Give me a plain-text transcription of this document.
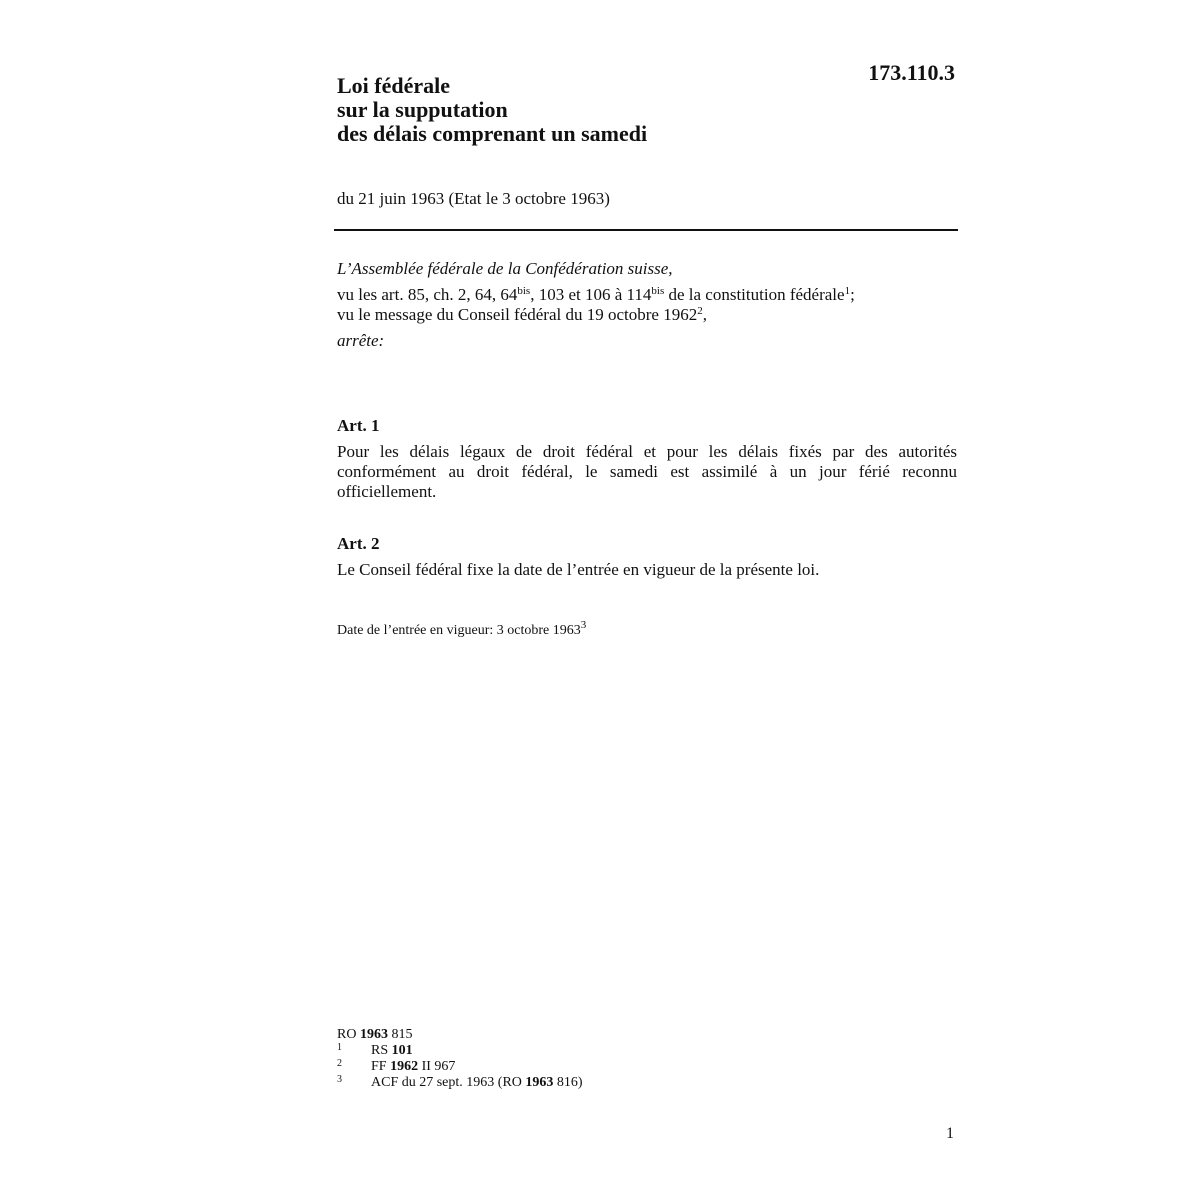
173.110.3
Loi fédérale
sur la supputation
des délais comprenant un samedi
du 21 juin 1963 (Etat le 3 octobre 1963)
L’Assemblée fédérale de la Confédération suisse,
vu les art. 85, ch. 2, 64, $64^{bis}$, 103 et 106 à $114^{bis}$ de la constitution fédérale$^1$;
vu le message du Conseil fédéral du 19 octobre 1962$^2$,
arrête:
Art. 1
Pour les délais légaux de droit fédéral et pour les délais fixés par des autorités conformément au droit fédéral, le samedi est assimilé à un jour férié reconnu officiellement.
Art. 2
Le Conseil fédéral fixe la date de l’entrée en vigueur de la présente loi.
Date de l’entrée en vigueur: 3 octobre 1963$^3$
RO 1963 815
1 RS 101
2 FF 1962 II 967
3 ACF du 27 sept. 1963 (RO 1963 816)
1
